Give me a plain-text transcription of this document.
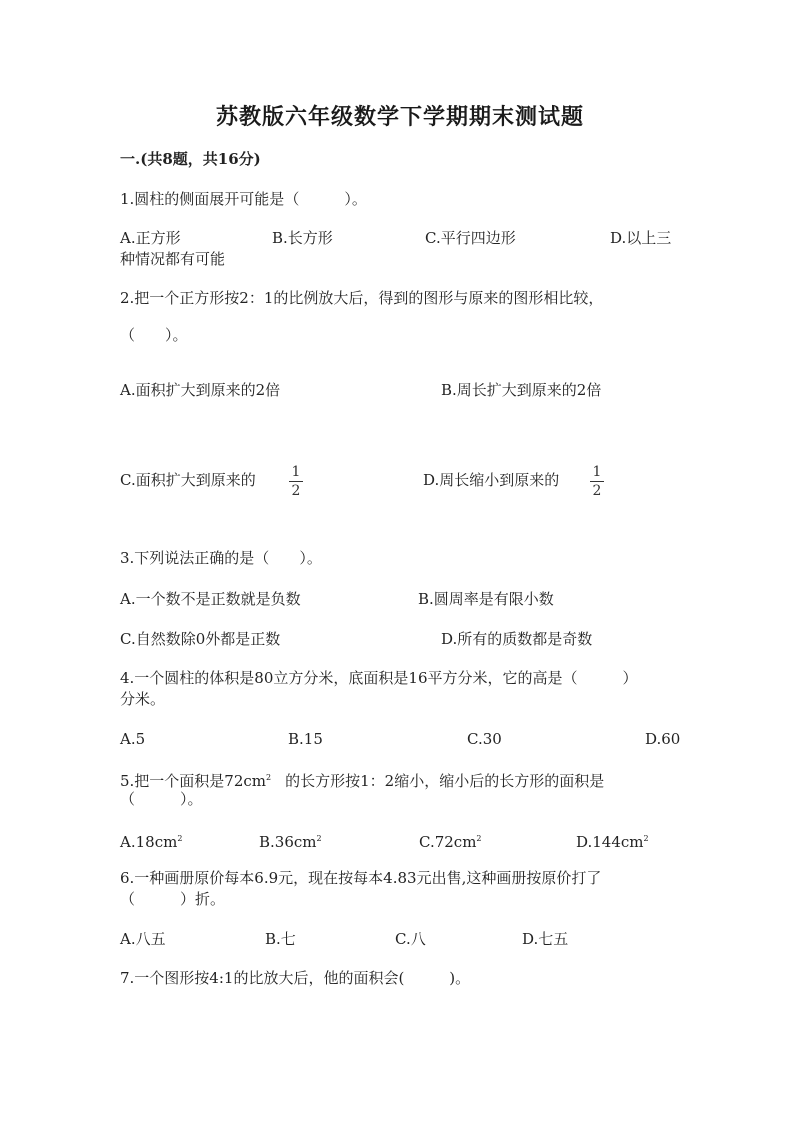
苏教版六年级数学下学期期末测试题
一.(共8题，共16分)
1.圆柱的侧面展开可能是（　　　）。
A.正方形	B.长方形	C.平行四边形	D.以上三
种情况都有可能
2.把一个正方形按2：1的比例放大后，得到的图形与原来的图形相比较，
（　　）。
A.面积扩大到原来的2倍	B.周长扩大到原来的2倍
C.面积扩大到原来的	1
2
D.周长缩小到原来的 1
2
3.下列说法正确的是（　　）。
A.一个数不是正数就是负数	B.圆周率是有限小数
C.自然数除0外都是正数	D.所有的质数都是奇数
4.一个圆柱的体积是80立方分米，底面积是16平方分米，它的高是（　　　）
分米。
A.5	B.15	C.30	D.60
5.把一个面积是$72cm^2$ 的长方形按1：2缩小，缩小后的长方形的面积是
（　　　）。
$A.18cm^2$	$B.36cm^2$	$C.72cm^2$	$D.144cm^2$
6.一种画册原价每本6.9元，现在按每本4.83元出售,这种画册按原价打了
（　　　）折。
A.八五	B.七	C.八	D.七五
7.一个图形按4:1的比放大后，他的面积会(　　　)。
